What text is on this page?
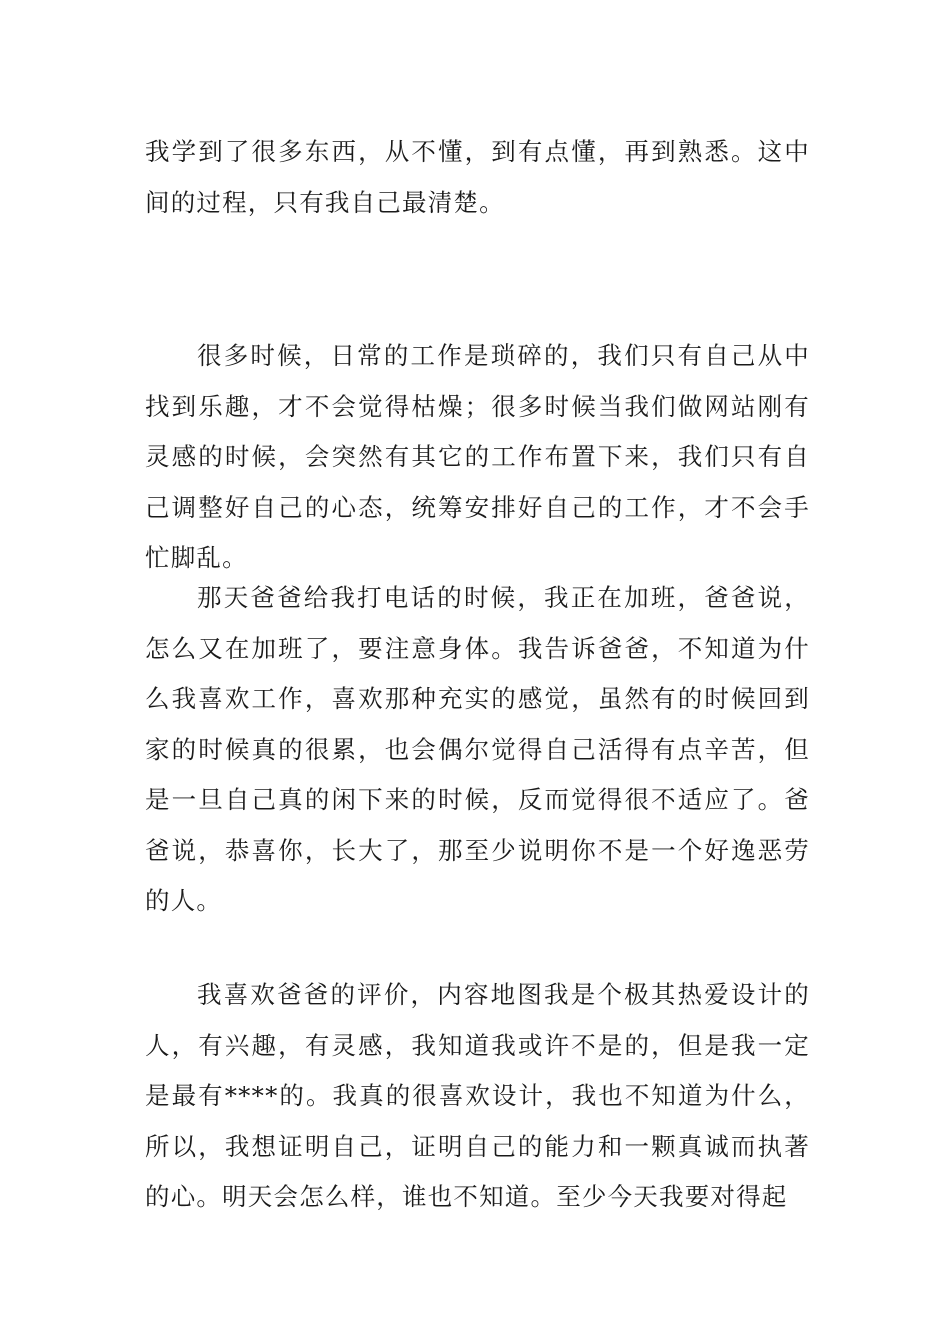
我学到了很多东西，从不懂，到有点懂，再到熟悉。这中间的过程，只有我自己最清楚。

很多时候，日常的工作是琐碎的，我们只有自己从中找到乐趣，才不会觉得枯燥；很多时候当我们做网站刚有灵感的时候，会突然有其它的工作布置下来，我们只有自己调整好自己的心态，统筹安排好自己的工作，才不会手忙脚乱。

那天爸爸给我打电话的时候，我正在加班，爸爸说，怎么又在加班了，要注意身体。我告诉爸爸，不知道为什么我喜欢工作，喜欢那种充实的感觉，虽然有的时候回到家的时候真的很累，也会偶尔觉得自己活得有点辛苦，但是一旦自己真的闲下来的时候，反而觉得很不适应了。爸爸说，恭喜你，长大了，那至少说明你不是一个好逸恶劳的人。

我喜欢爸爸的评价，内容地图我是个极其热爱设计的人，有兴趣，有灵感，我知道我或许不是的，但是我一定是最有****的。我真的很喜欢设计，我也不知道为什么，所以，我想证明自己，证明自己的能力和一颗真诚而执著的心。明天会怎么样，谁也不知道。至少今天我要对得起
